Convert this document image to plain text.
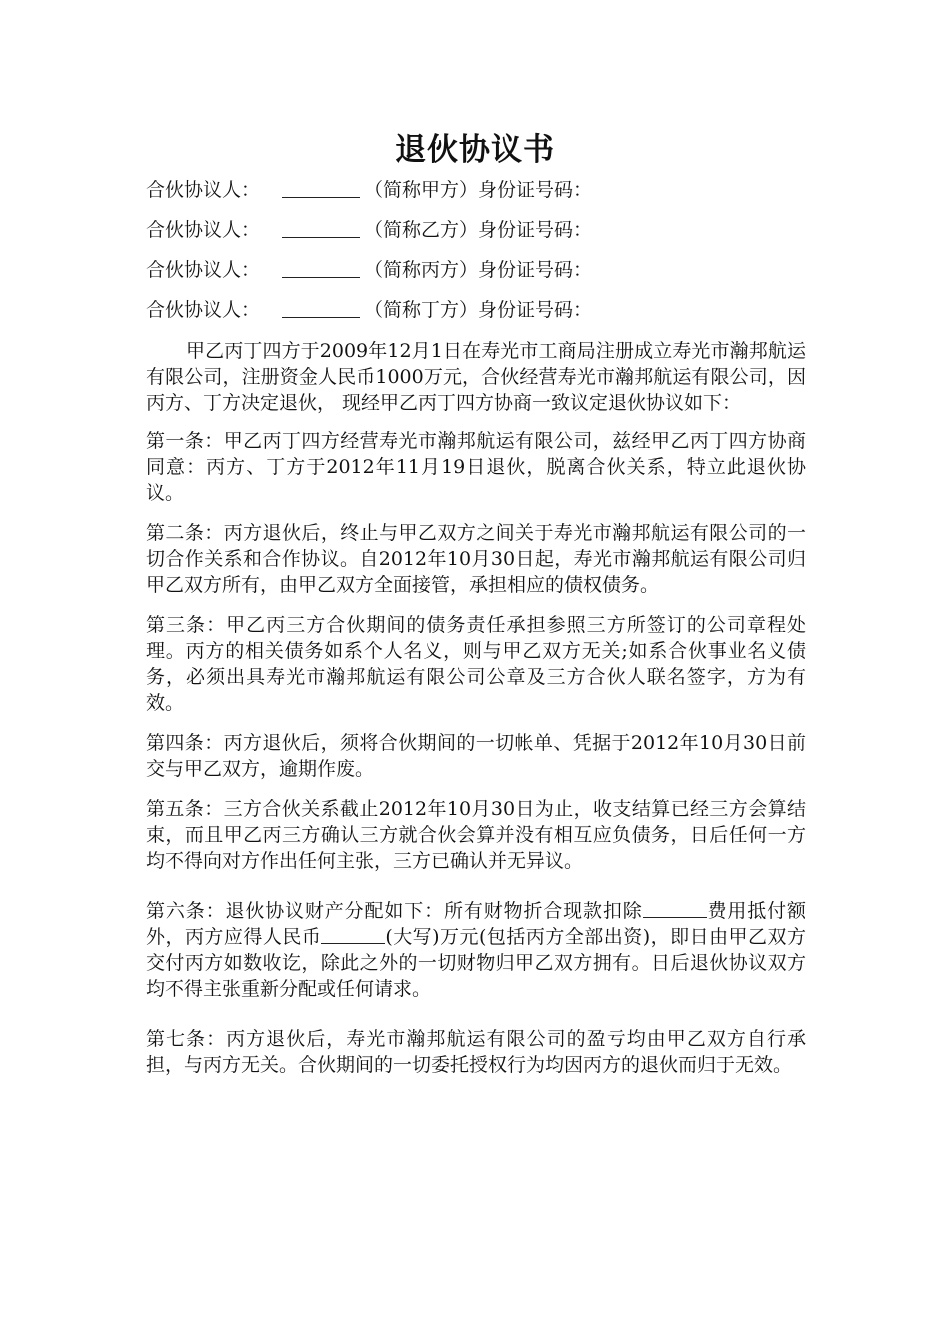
退伙协议书
合伙协议人：	（简称甲方）身份证号码：
合伙协议人：	（简称乙方）身份证号码：
合伙协议人：	（简称丙方）身份证号码：
合伙协议人：	（简称丁方）身份证号码：

甲乙丙丁四方于2009年12月1日在寿光市工商局注册成立寿光市瀚邦航运有限公司，注册资金人民币1000万元，合伙经营寿光市瀚邦航运有限公司，因丙方、丁方决定退伙， 现经甲乙丙丁四方协商一致议定退伙协议如下：

第一条：甲乙丙丁四方经营寿光市瀚邦航运有限公司，兹经甲乙丙丁四方协商同意：丙方、丁方于2012年11月19日退伙，脱离合伙关系，特立此退伙协议。

第二条：丙方退伙后，终止与甲乙双方之间关于寿光市瀚邦航运有限公司的一切合作关系和合作协议。自2012年10月30日起，寿光市瀚邦航运有限公司归甲乙双方所有，由甲乙双方全面接管，承担相应的债权债务。

第三条：甲乙丙三方合伙期间的债务责任承担参照三方所签订的公司章程处理。丙方的相关债务如系个人名义，则与甲乙双方无关;如系合伙事业名义债务，必须出具寿光市瀚邦航运有限公司公章及三方合伙人联名签字，方为有效。

第四条：丙方退伙后，须将合伙期间的一切帐单、凭据于2012年10月30日前交与甲乙双方，逾期作废。

第五条：三方合伙关系截止2012年10月30日为止，收支结算已经三方会算结束，而且甲乙丙三方确认三方就合伙会算并没有相互应负债务，日后任何一方均不得向对方作出任何主张，三方已确认并无异议。

第六条：退伙协议财产分配如下：所有财物折合现款扣除	费用抵付额外，丙方应得人民币	(大写)万元(包括丙方全部出资)，即日由甲乙双方交付丙方如数收讫，除此之外的一切财物归甲乙双方拥有。日后退伙协议双方均不得主张重新分配或任何请求。

第七条：丙方退伙后，寿光市瀚邦航运有限公司的盈亏均由甲乙双方自行承担，与丙方无关。合伙期间的一切委托授权行为均因丙方的退伙而归于无效。
